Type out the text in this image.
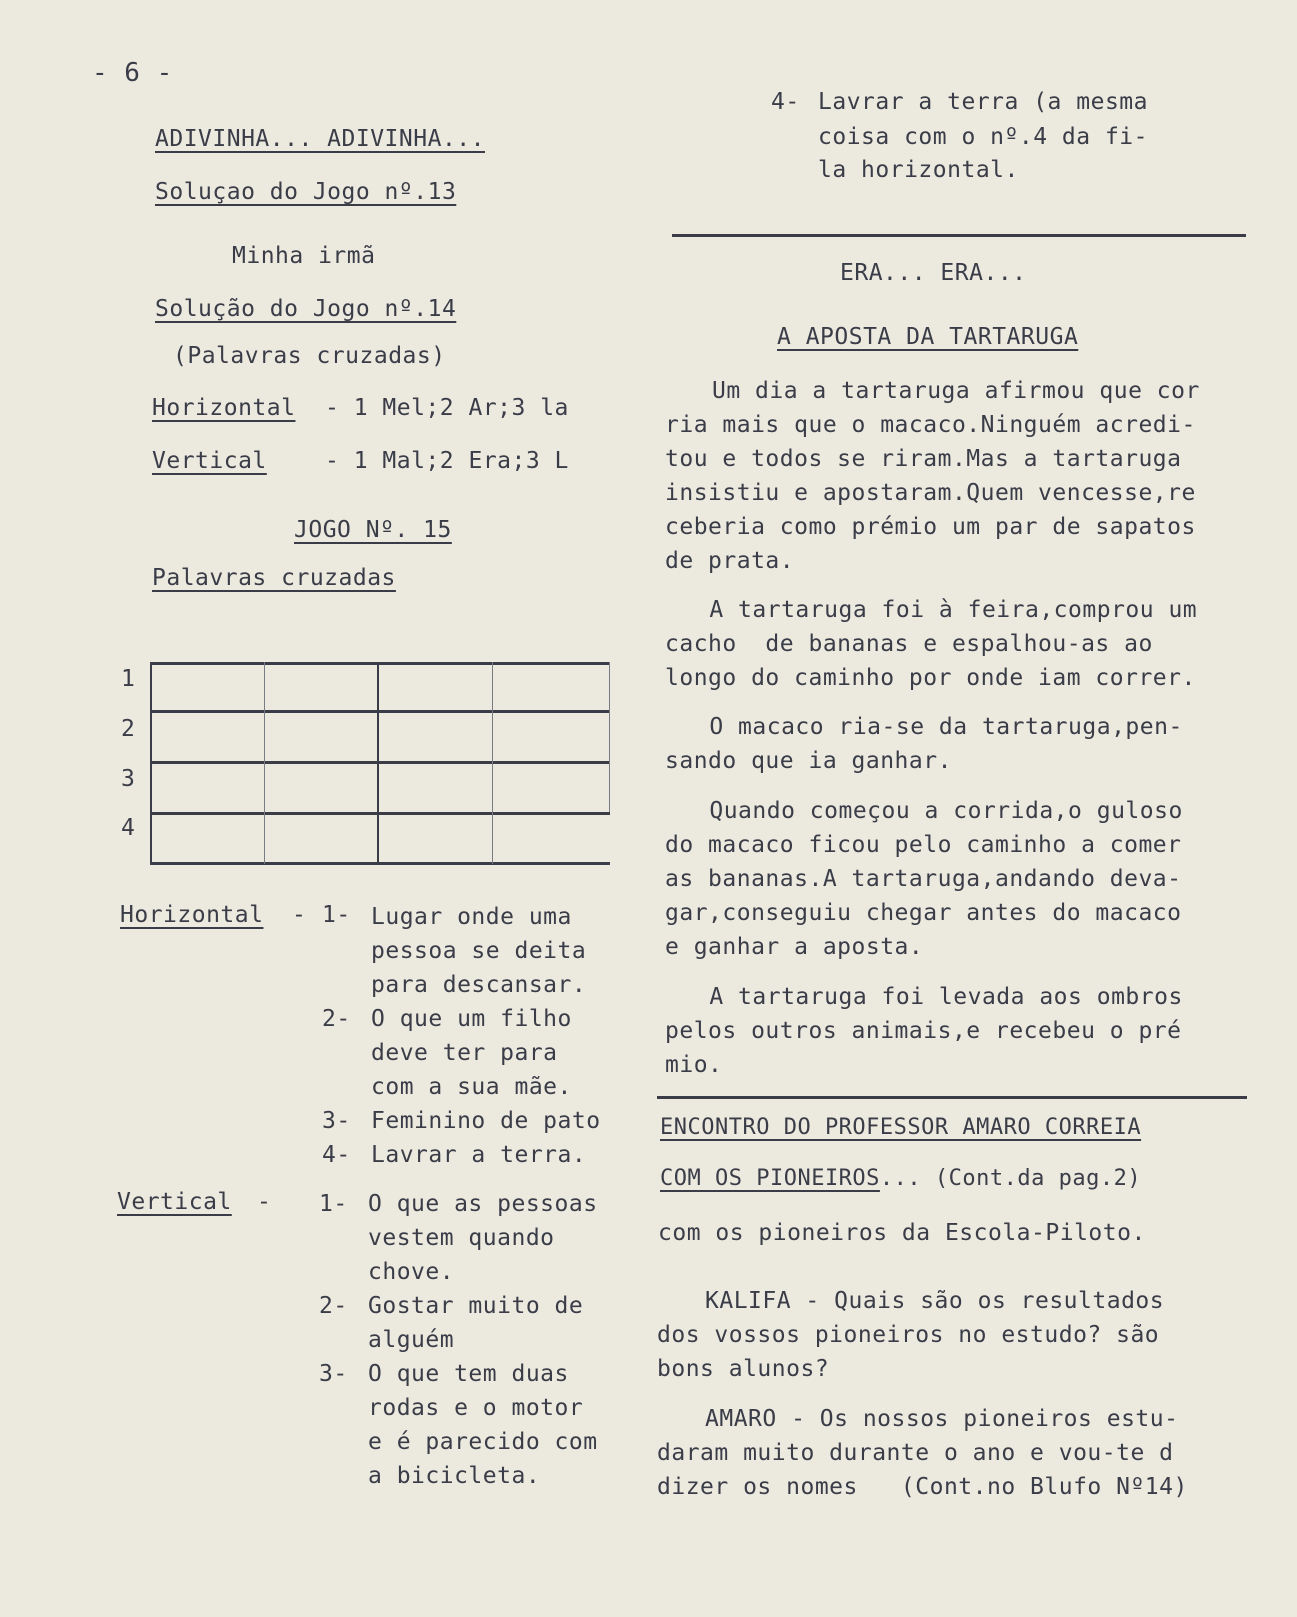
- 6 -
ADIVINHA... ADIVINHA...
Soluçao do Jogo nº.13
Minha irmã
Solução do Jogo nº.14
(Palavras cruzadas)
Horizontal - 1 Mel;2 Ar;3 la
Vertical	- 1 Mal;2 Era;3 L
JOGO Nº. 15
Palavras cruzadas
1
2
3
4
Horizontal - 1- Lugar onde uma
pessoa se deita
para descansar.
2- O que um filho
deve ter para
com a sua mãe.
3- Feminino de pato
4- Lavrar a terra.
Vertical - 1- O que as pessoas
vestem quando
chove.
2- Gostar muito de
alguém
3- O que tem duas
rodas e o motor
e é parecido com
a bicicleta.
4- Lavrar a terra (a mesma
coisa com o nº.4 da fi-
la horizontal.
ERA... ERA...
A APOSTA DA TARTARUGA
Um dia a tartaruga afirmou que cor
ria mais que o macaco.Ninguém acredi-
tou e todos se riram.Mas a tartaruga
insistiu e apostaram.Quem vencesse,re
ceberia como prémio um par de sapatos
de prata.
A tartaruga foi à feira,comprou um
cacho  de bananas e espalhou-as ao
longo do caminho por onde iam correr.
O macaco ria-se da tartaruga,pen-
sando que ia ganhar.
Quando começou a corrida,o guloso
do macaco ficou pelo caminho a comer
as bananas.A tartaruga,andando deva-
gar,conseguiu chegar antes do macaco
e ganhar a aposta.
A tartaruga foi levada aos ombros
pelos outros animais,e recebeu o pré
mio.
ENCONTRO DO PROFESSOR AMARO CORREIA
COM OS PIONEIROS... (Cont.da pag.2)
com os pioneiros da Escola-Piloto.
KALIFA - Quais são os resultados
dos vossos pioneiros no estudo? são
bons alunos?
AMARO - Os nossos pioneiros estu-
daram muito durante o ano e vou-te d
dizer os nomes   (Cont.no Blufo Nº14)
